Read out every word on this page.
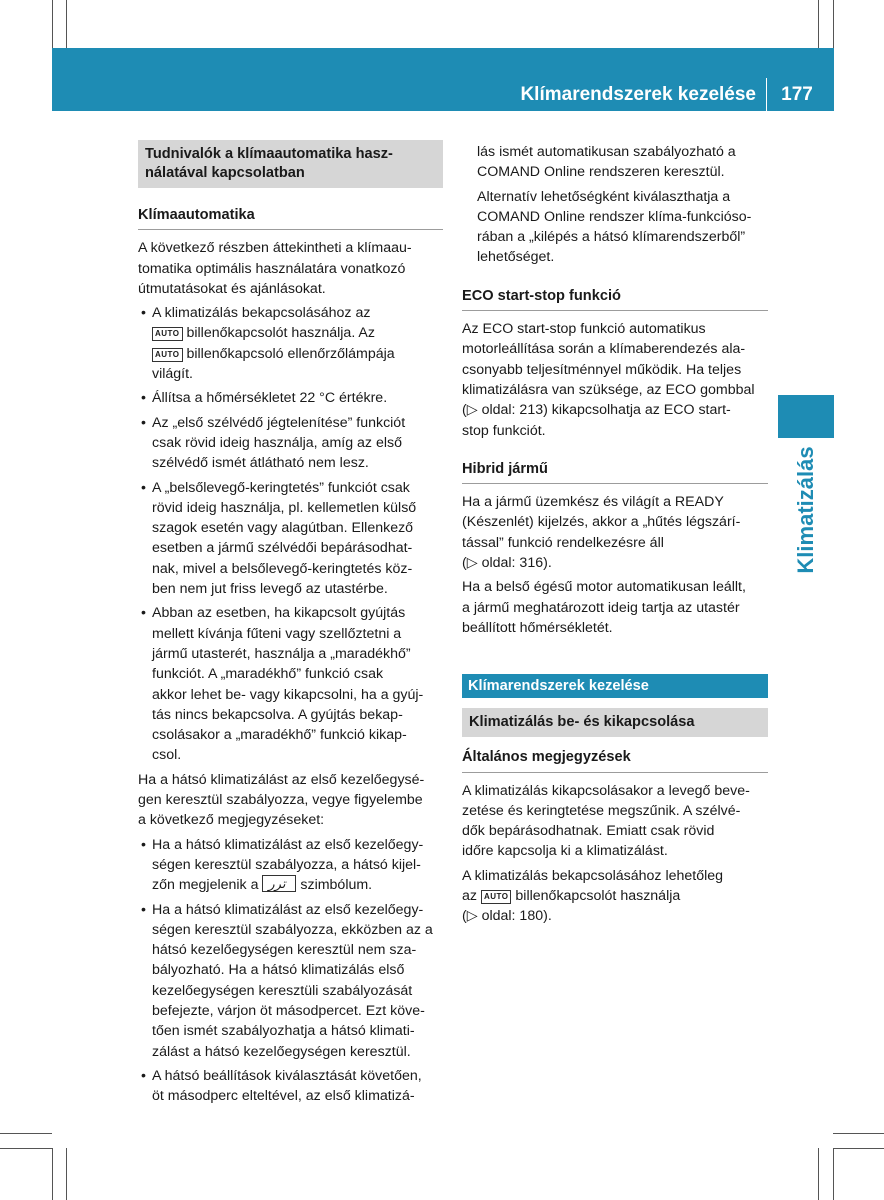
Klímarendszerek kezelése	177
Klimatizálás
Tudnivalók a klímaautomatika hasz-
nálatával kapcsolatban
Klímaautomatika

A következő részben áttekintheti a klímaau-
tomatika optimális használatára vonatkozó
útmutatásokat és ajánlásokat.

• A klimatizálás bekapcsolásához az
AUTO billenőkapcsolót használja. Az
AUTO billenőkapcsoló ellenőrzőlámpája
világít.
• Állítsa a hőmérsékletet 22 °C értékre.
• Az „első szélvédő jégtelenítése” funkciót
csak rövid ideig használja, amíg az első
szélvédő ismét átlátható nem lesz.
• A „belsőlevegő-keringtetés” funkciót csak
rövid ideig használja, pl. kellemetlen külső
szagok esetén vagy alagútban. Ellenkező
esetben a jármű szélvédői bepárásodhat-
nak, mivel a belsőlevegő-keringtetés köz-
ben nem jut friss levegő az utastérbe.
• Abban az esetben, ha kikapcsolt gyújtás
mellett kívánja fűteni vagy szellőztetni a
jármű utasterét, használja a „maradékhő”
funkciót. A „maradékhő” funkció csak
akkor lehet be- vagy kikapcsolni, ha a gyúj-
tás nincs bekapcsolva. A gyújtás bekap-
csolásakor a „maradékhő” funkció kikap-
csol.

Ha a hátsó klimatizálást az első kezelőegysé-
gen keresztül szabályozza, vegye figyelembe
a következő megjegyzéseket:

• Ha a hátsó klimatizálást az első kezelőegy-
ségen keresztül szabályozza, a hátsó kijel-
zőn megjelenik a ﺗﺮﺭ szimbólum.
• Ha a hátsó klimatizálást az első kezelőegy-
ségen keresztül szabályozza, ekközben az a
hátsó kezelőegységen keresztül nem sza-
bályozható. Ha a hátsó klimatizálás első
kezelőegységen keresztüli szabályozását
befejezte, várjon öt másodpercet. Ezt köve-
tően ismét szabályozhatja a hátsó klimati-
zálást a hátsó kezelőegységen keresztül.
• A hátsó beállítások kiválasztását követően,
öt másodperc elteltével, az első klimatizá-

lás ismét automatikusan szabályozható a
COMAND Online rendszeren keresztül.

Alternatív lehetőségként kiválaszthatja a
COMAND Online rendszer klíma-funkcióso-
rában a „kilépés a hátsó klímarendszerből”
lehetőséget.

ECO start-stop funkció

Az ECO start-stop funkció automatikus
motorleállítása során a klímaberendezés ala-
csonyabb teljesítménnyel működik. Ha teljes
klimatizálásra van szüksége, az ECO gombbal
(▷ oldal: 213) kikapcsolhatja az ECO start-
stop funkciót.

Hibrid jármű

Ha a jármű üzemkész és világít a READY
(Készenlét) kijelzés, akkor a „hűtés légszárí-
tással” funkció rendelkezésre áll
(▷ oldal: 316).

Ha a belső égésű motor automatikusan leállt,
a jármű meghatározott ideig tartja az utastér
beállított hőmérsékletét.

Klímarendszerek kezelése
Klimatizálás be- és kikapcsolása
Általános megjegyzések

A klimatizálás kikapcsolásakor a levegő beve-
zetése és keringtetése megszűnik. A szélvé-
dők bepárásodhatnak. Emiatt csak rövid
időre kapcsolja ki a klimatizálást.

A klimatizálás bekapcsolásához lehetőleg
az AUTO billenőkapcsolót használja
(▷ oldal: 180).
